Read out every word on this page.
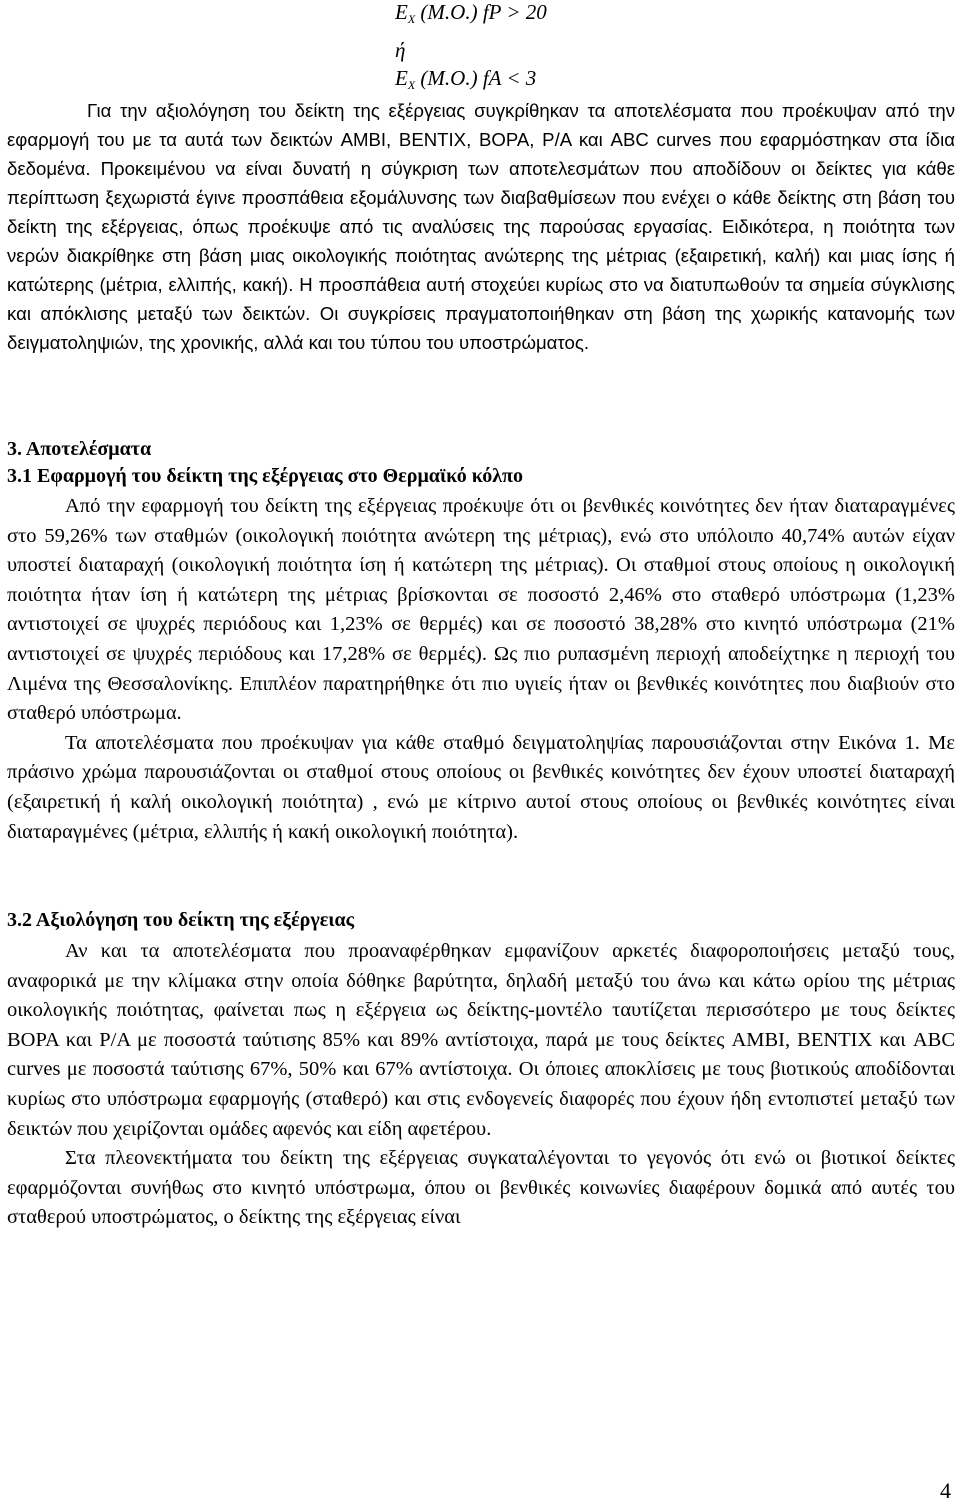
$E_X$ (M.O.) fP > 20
ή
$E_X$ (M.O.) fA < 3

Για την αξιολόγηση του δείκτη της εξέργειας συγκρίθηκαν τα αποτελέσματα που προέκυψαν από την εφαρμογή του με τα αυτά των δεικτών AMBI, BENTIX, ΒΟΡΑ, Ρ/Α και ABC curves που εφαρμόστηκαν στα ίδια δεδομένα. Προκειμένου να είναι δυνατή η σύγκριση των αποτελεσμάτων που αποδίδουν οι δείκτες για κάθε περίπτωση ξεχωριστά έγινε προσπάθεια εξομάλυνσης των διαβαθμίσεων που ενέχει ο κάθε δείκτης στη βάση του δείκτη της εξέργειας, όπως προέκυψε από τις αναλύσεις της παρούσας εργασίας. Ειδικότερα, η ποιότητα των νερών διακρίθηκε στη βάση μιας οικολογικής ποιότητας ανώτερης της μέτριας (εξαιρετική, καλή) και μιας ίσης ή κατώτερης (μέτρια, ελλιπής, κακή). Η προσπάθεια αυτή στοχεύει κυρίως στο να διατυπωθούν τα σημεία σύγκλισης και απόκλισης μεταξύ των δεικτών. Οι συγκρίσεις πραγματοποιήθηκαν στη βάση της χωρικής κατανομής των δειγματοληψιών, της χρονικής, αλλά και του τύπου του υποστρώματος.

3. Αποτελέσματα
3.1 Εφαρμογή του δείκτη της εξέργειας στο Θερμαϊκό κόλπο

Από την εφαρμογή του δείκτη της εξέργειας προέκυψε ότι οι βενθικές κοινότητες δεν ήταν διαταραγμένες στο 59,26% των σταθμών (οικολογική ποιότητα ανώτερη της μέτριας), ενώ στο υπόλοιπο 40,74% αυτών είχαν υποστεί διαταραχή (οικολογική ποιότητα ίση ή κατώτερη της μέτριας). Οι σταθμοί στους οποίους η οικολογική ποιότητα ήταν ίση ή κατώτερη της μέτριας βρίσκονται σε ποσοστό 2,46% στο σταθερό υπόστρωμα (1,23% αντιστοιχεί σε ψυχρές περιόδους και 1,23% σε θερμές) και σε ποσοστό 38,28% στο κινητό υπόστρωμα (21% αντιστοιχεί σε ψυχρές περιόδους και 17,28% σε θερμές). Ως πιο ρυπασμένη περιοχή αποδείχτηκε η περιοχή του Λιμένα της Θεσσαλονίκης. Επιπλέον παρατηρήθηκε ότι πιο υγιείς ήταν οι βενθικές κοινότητες που διαβιούν στο σταθερό υπόστρωμα.

Τα αποτελέσματα που προέκυψαν για κάθε σταθμό δειγματοληψίας παρουσιάζονται στην Εικόνα 1. Με πράσινο χρώμα παρουσιάζονται οι σταθμοί στους οποίους οι βενθικές κοινότητες δεν έχουν υποστεί διαταραχή (εξαιρετική ή καλή οικολογική ποιότητα) , ενώ με κίτρινο αυτοί στους οποίους οι βενθικές κοινότητες είναι διαταραγμένες (μέτρια, ελλιπής ή κακή οικολογική ποιότητα).

3.2 Αξιολόγηση του δείκτη της εξέργειας

Αν και τα αποτελέσματα που προαναφέρθηκαν εμφανίζουν αρκετές διαφοροποιήσεις μεταξύ τους, αναφορικά με την κλίμακα στην οποία δόθηκε βαρύτητα, δηλαδή μεταξύ του άνω και κάτω ορίου της μέτριας οικολογικής ποιότητας, φαίνεται πως η εξέργεια ως δείκτης-μοντέλο ταυτίζεται περισσότερο με τους δείκτες ΒΟΡΑ και Ρ/Α με ποσοστά ταύτισης 85% και 89% αντίστοιχα, παρά με τους δείκτες AMBI, BENTIX και ABC curves με ποσοστά ταύτισης 67%, 50% και 67% αντίστοιχα. Οι όποιες αποκλίσεις με τους βιοτικούς αποδίδονται κυρίως στο υπόστρωμα εφαρμογής (σταθερό) και στις ενδογενείς διαφορές που έχουν ήδη εντοπιστεί μεταξύ των δεικτών που χειρίζονται ομάδες αφενός και είδη αφετέρου.

Στα πλεονεκτήματα του δείκτη της εξέργειας συγκαταλέγονται το γεγονός ότι ενώ οι βιοτικοί δείκτες εφαρμόζονται συνήθως στο κινητό υπόστρωμα, όπου οι βενθικές κοινωνίες διαφέρουν δομικά από αυτές του σταθερού υποστρώματος, ο δείκτης της εξέργειας είναι

4
